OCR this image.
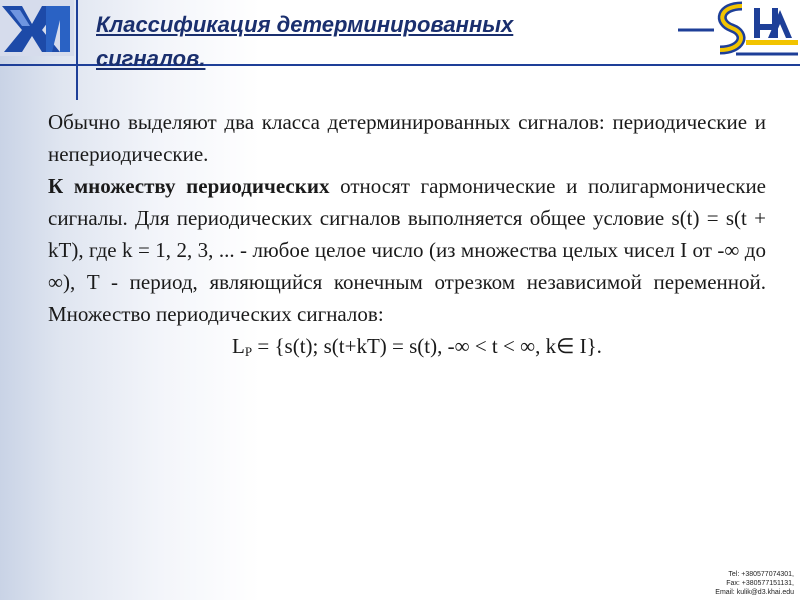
Классификация детерминированных
сигналов.

Обычно выделяют два класса детерминированных сигналов: периодические и непериодические.

К множеству периодических относят гармонические и полигармонические сигналы. Для периодических сигналов выполняется общее условие s(t) = s(t + kT), где k = 1, 2, 3, ... - любое целое число (из множества целых чисел I от -∞ до ∞), T - период, являющийся конечным отрезком независимой переменной. Множество периодических сигналов:

$L_P = \{s(t)$; s(t+kT) = s(t), -∞ < t < ∞, k∈ I}.

Tel: +380577074301,
Fax: +380577151131,
Email: kulik@d3.khai.edu
